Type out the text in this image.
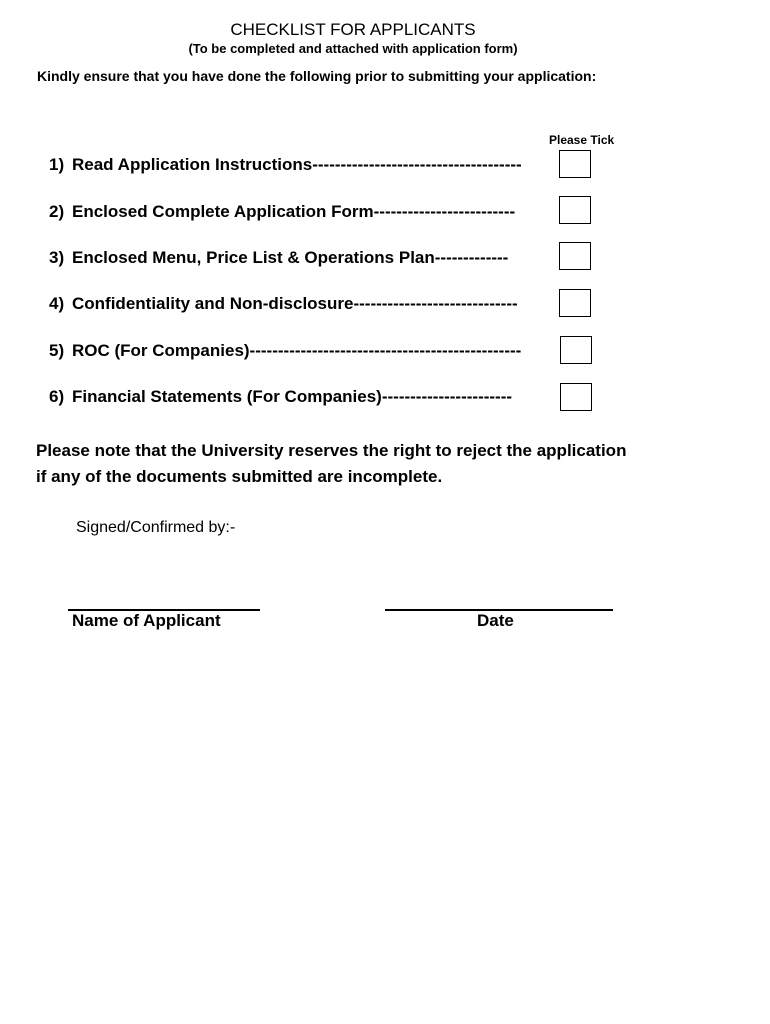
CHECKLIST FOR APPLICANTS
(To be completed and attached with application form)
Kindly ensure that you have done the following prior to submitting your application:
Please Tick
1) Read Application Instructions-------------------------------------
2) Enclosed Complete Application Form-------------------------
3) Enclosed Menu, Price List & Operations Plan-------------
4) Confidentiality and Non-disclosure-----------------------------
5) ROC (For Companies)------------------------------------------------
6) Financial Statements (For Companies)-----------------------
Please note that the University reserves the right to reject the application if any of the documents submitted are incomplete.
Signed/Confirmed by:-
Name of Applicant	Date
